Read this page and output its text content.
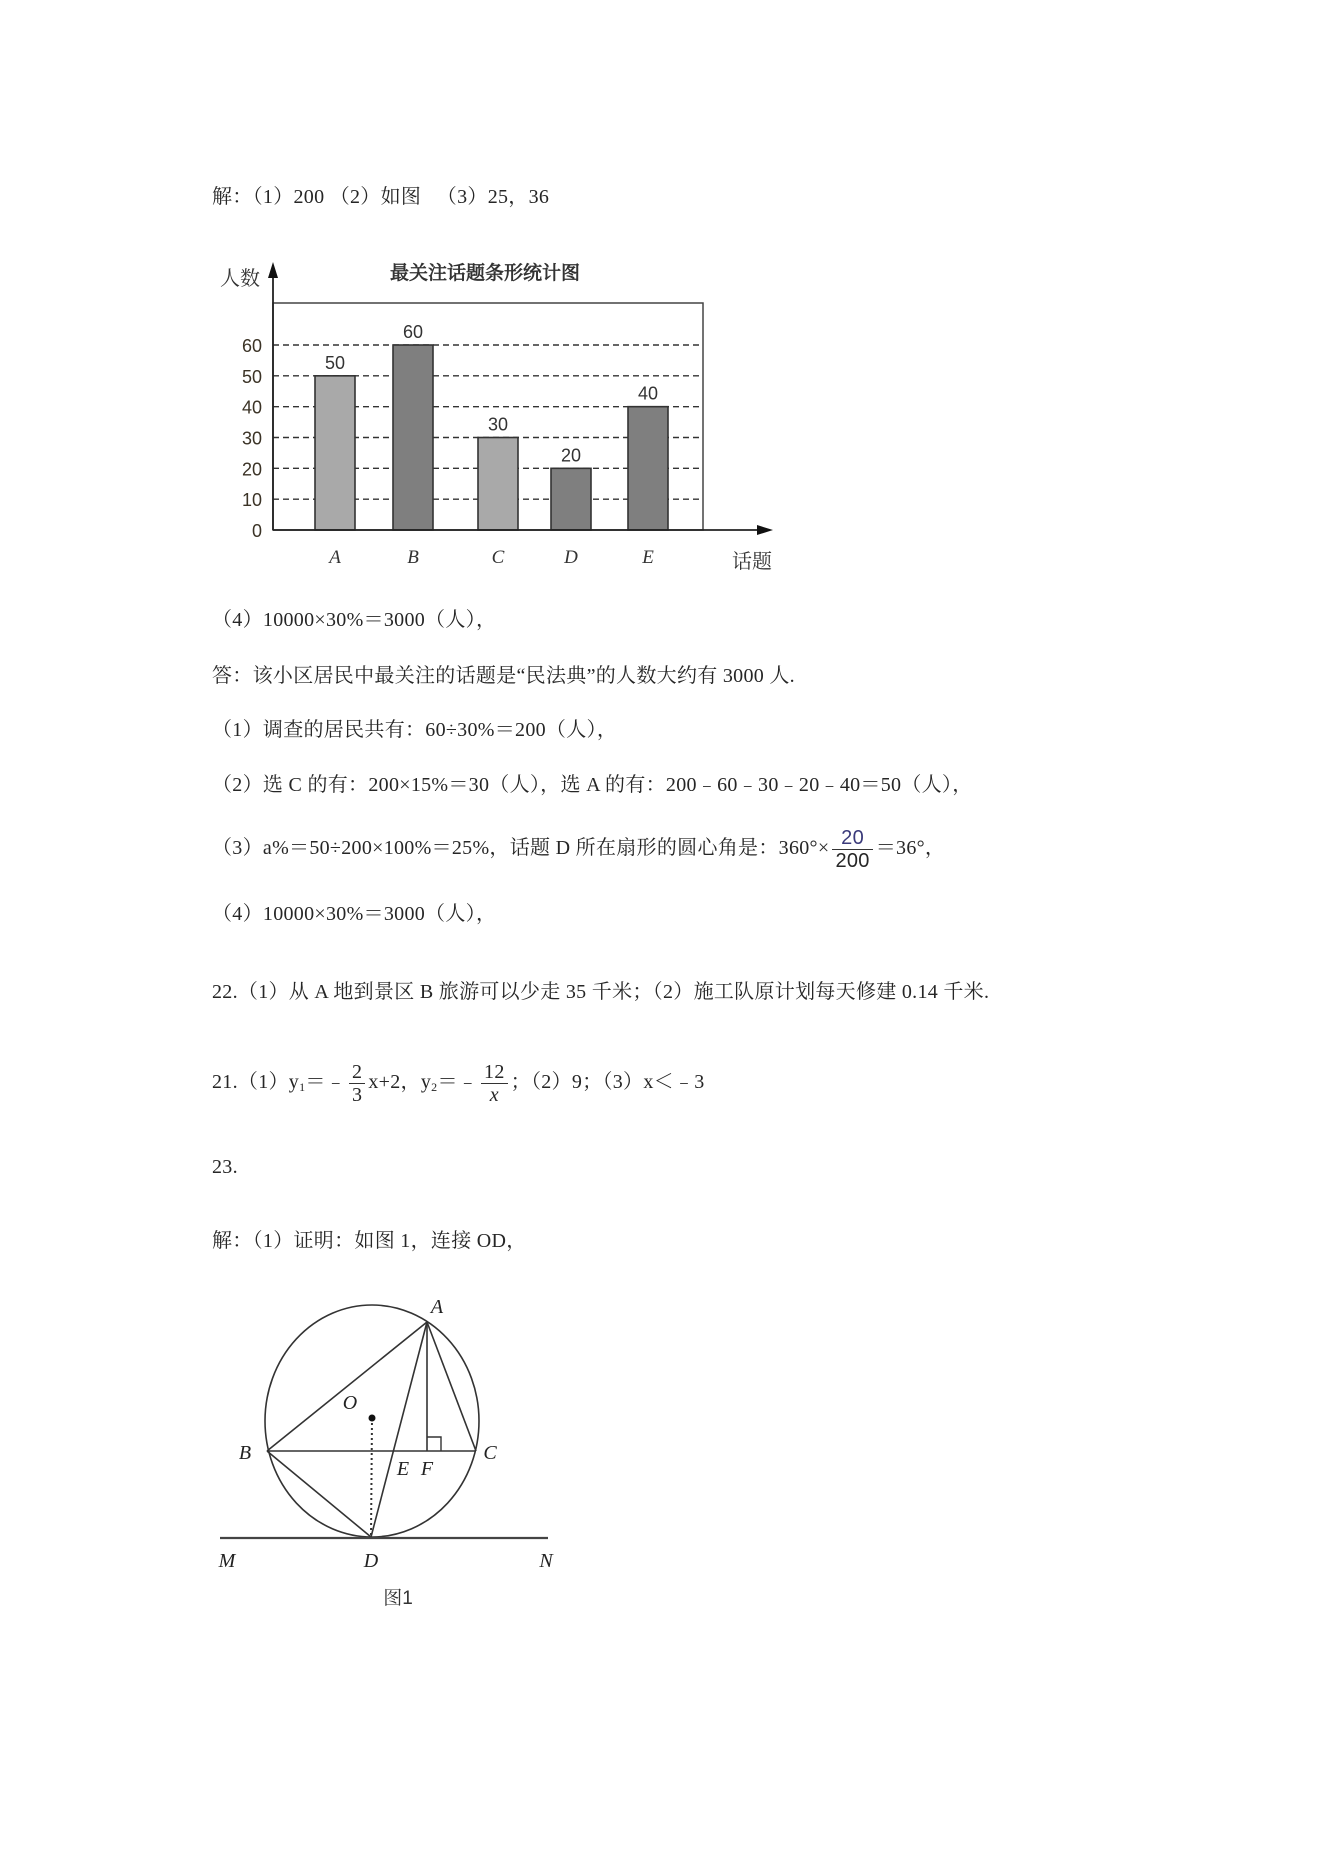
解：（1）200 （2）如图 　（3）25，36
最关注话题条形统计图
人数
话题
50
60
30
20
40
0
10
20
30
40
50
60
A	B	C	D	E
（4）10000×30%＝3000（人），
答：该小区居民中最关注的话题是“民法典”的人数大约有 3000 人.
（1）调查的居民共有：60÷30%＝200（人），
（2）选 C 的有：200×15%＝30（人），选 A 的有：200﹣60﹣30﹣20﹣40＝50（人），
（3）a%＝50÷200×100%＝25%，话题 D 所在扇形的圆心角是：$360^\circ\times \frac{20}{200} =36^\circ$，
（4）10000×30%＝3000（人），
22.（1）从 A 地到景区 B 旅游可以少走 35 千米；（2）施工队原计划每天修建 0.14 千米.
$21.(1)y_1=﹣ \frac{2}{3} x+2$，$y_2=﹣ \frac{12}{x}$ ；（2）9；（3）x＜﹣3
23.
解：（1）证明：如图 1，连接 OD，
A
B	C
O
E F
M	D	N
图1
